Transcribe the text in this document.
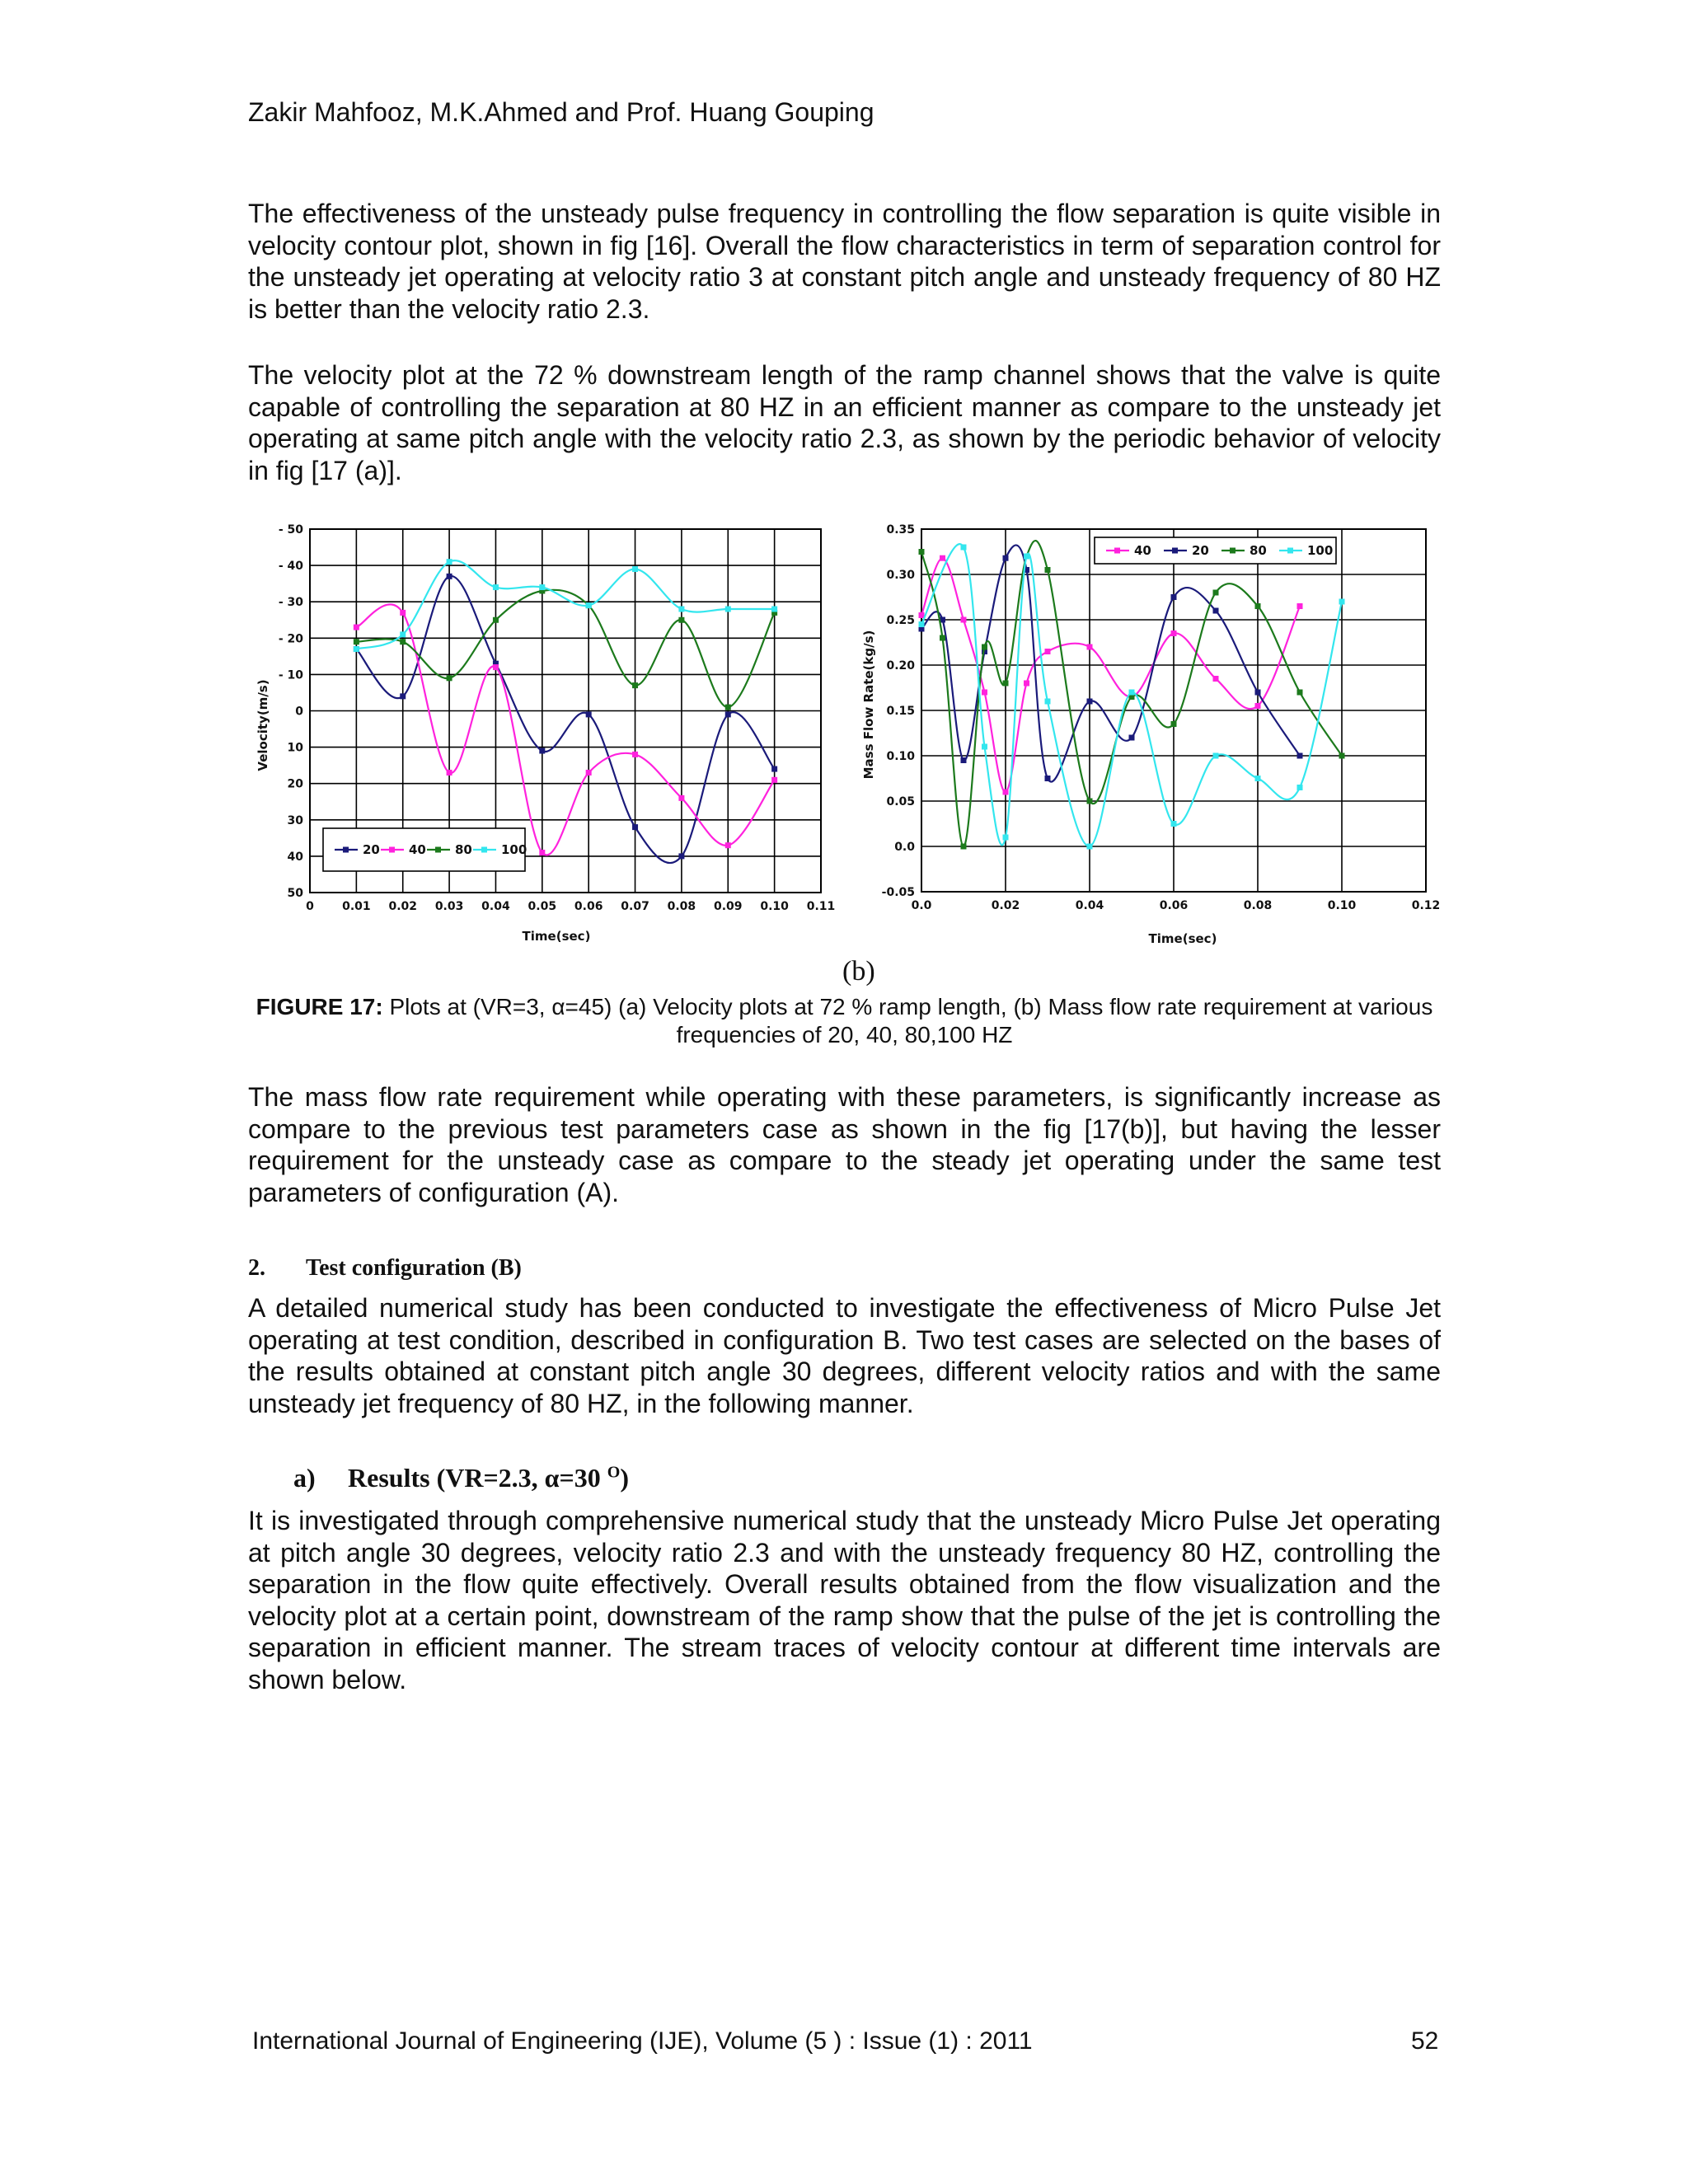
Zakir Mahfooz, M.K.Ahmed and Prof. Huang Gouping
The effectiveness of the unsteady pulse frequency in controlling the flow separation is quite visible in velocity contour plot, shown in fig [16]. Overall the flow characteristics in term of separation control for the unsteady jet operating at velocity ratio 3 at constant pitch angle and unsteady frequency of 80 HZ is better than the velocity ratio 2.3.
The velocity plot at the 72 % downstream length of the ramp channel shows that the valve is quite capable of controlling the separation at 80 HZ in an efficient manner as compare to the unsteady jet operating at same pitch angle with the velocity ratio 2.3, as shown by the periodic behavior of velocity in fig [17 (a)].
- 50
- 40
- 30
- 20
- 10
0
10
20
30
40
50
0 0.01 0.02 0.03 0.04 0.05 0.06 0.07 0.08 0.09 0.10 0.11
20 40 80 100
Time(sec)
Velocity(m/s)
-0.05
0.0
0.05
0.10
0.15
0.20
0.25
0.30
0.35
0.0	0.02	0.04	0.06	0.08	0.10	0.12
40	20	80	100
Time(sec)
Mass Flow Rate(kg/s)
(b)
FIGURE 17: Plots at (VR=3, α=45) (a) Velocity plots at 72 % ramp length, (b) Mass flow rate requirement at various frequencies of 20, 40, 80,100 HZ
The mass flow rate requirement while operating with these parameters, is significantly increase as compare to the previous test parameters case as shown in the fig [17(b)], but having the lesser requirement for the unsteady case as compare to the steady jet operating under the same test parameters of configuration (A).
2. Test configuration (B)
A detailed numerical study has been conducted to investigate the effectiveness of Micro Pulse Jet operating at test condition, described in configuration B. Two test cases are selected on the bases of the results obtained at constant pitch angle 30 degrees, different velocity ratios and with the same unsteady jet frequency of 80 HZ, in the following manner.
a) Results (VR=2.3, α=30 $^O$)
It is investigated through comprehensive numerical study that the unsteady Micro Pulse Jet operating at pitch angle 30 degrees, velocity ratio 2.3 and with the unsteady frequency 80 HZ, controlling the separation in the flow quite effectively. Overall results obtained from the flow visualization and the velocity plot at a certain point, downstream of the ramp show that the pulse of the jet is controlling the separation in efficient manner. The stream traces of velocity contour at different time intervals are shown below.
International Journal of Engineering (IJE), Volume (5 ) : Issue (1) : 2011	52
